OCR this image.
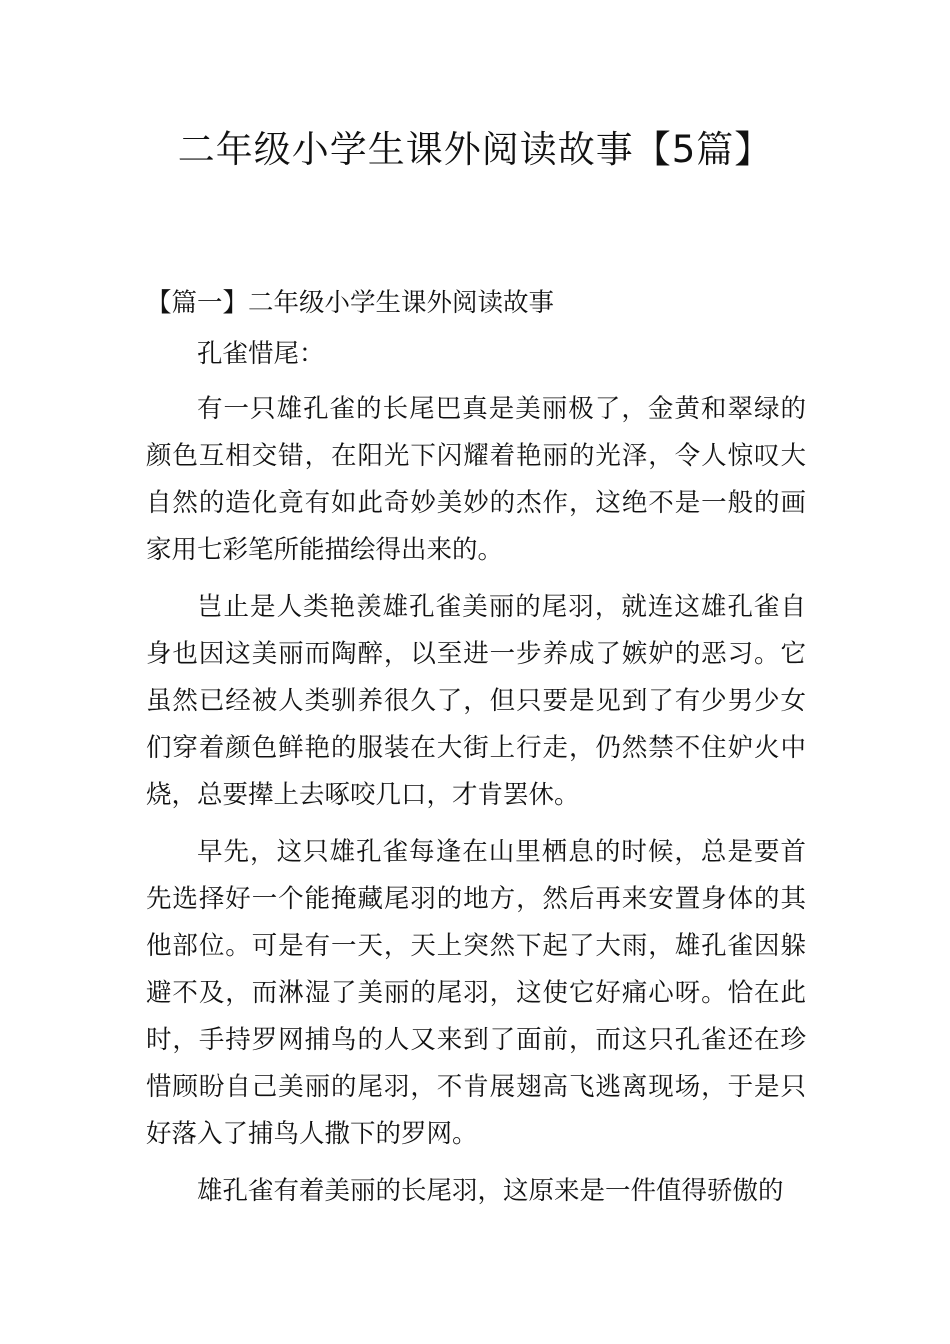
二年级小学生课外阅读故事【5篇】

【篇一】二年级小学生课外阅读故事

孔雀惜尾：

有一只雄孔雀的长尾巴真是美丽极了，金黄和翠绿的颜色互相交错，在阳光下闪耀着艳丽的光泽，令人惊叹大自然的造化竟有如此奇妙美妙的杰作，这绝不是一般的画家用七彩笔所能描绘得出来的。

岂止是人类艳羡雄孔雀美丽的尾羽，就连这雄孔雀自身也因这美丽而陶醉，以至进一步养成了嫉妒的恶习。它虽然已经被人类驯养很久了，但只要是见到了有少男少女们穿着颜色鲜艳的服装在大街上行走，仍然禁不住妒火中烧，总要撵上去啄咬几口，才肯罢休。

早先，这只雄孔雀每逢在山里栖息的时候，总是要首先选择好一个能掩藏尾羽的地方，然后再来安置身体的其他部位。可是有一天，天上突然下起了大雨，雄孔雀因躲避不及，而淋湿了美丽的尾羽，这使它好痛心呀。恰在此时，手持罗网捕鸟的人又来到了面前，而这只孔雀还在珍惜顾盼自己美丽的尾羽，不肯展翅高飞逃离现场，于是只好落入了捕鸟人撒下的罗网。

雄孔雀有着美丽的长尾羽，这原来是一件值得骄傲的
